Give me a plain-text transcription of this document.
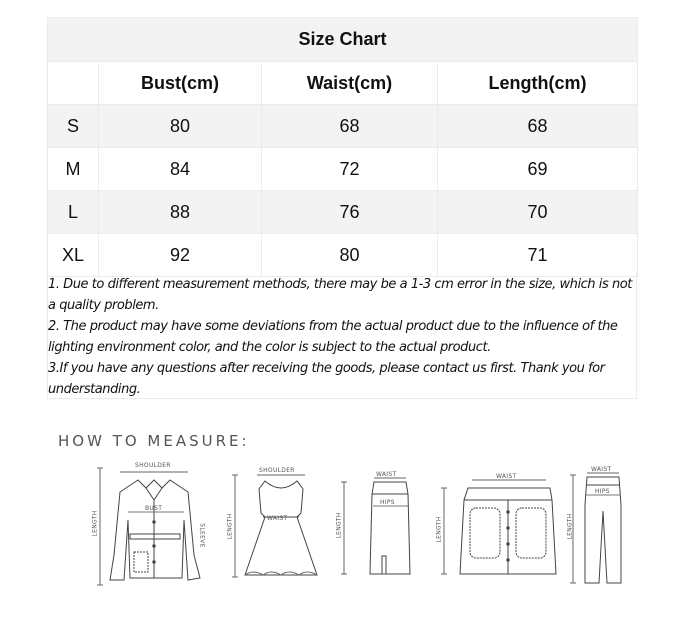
Size Chart			
	Bust(cm)	Waist(cm)	Length(cm)
S	80	68	68
M	84	72	69
L	88	76	70
XL	92	80	71

1. Due to different measurement methods, there may be a 1-3 cm error in the size, which is not a quality problem.

2. The product may have some deviations from the actual product due to the influence of the lighting environment color, and the color is subject to the actual product.

3.If you have any questions after receiving the goods, please contact us first. Thank you for understanding.

HOW TO MEASURE:
SHOULDER
BUST
LENGTH	SLEEVE
SHOULDER
WAIST
LENGTH
WAIST
HIPS
LENGTH
WAIST
LENGTH
WAIST
HIPS
LENGTH
